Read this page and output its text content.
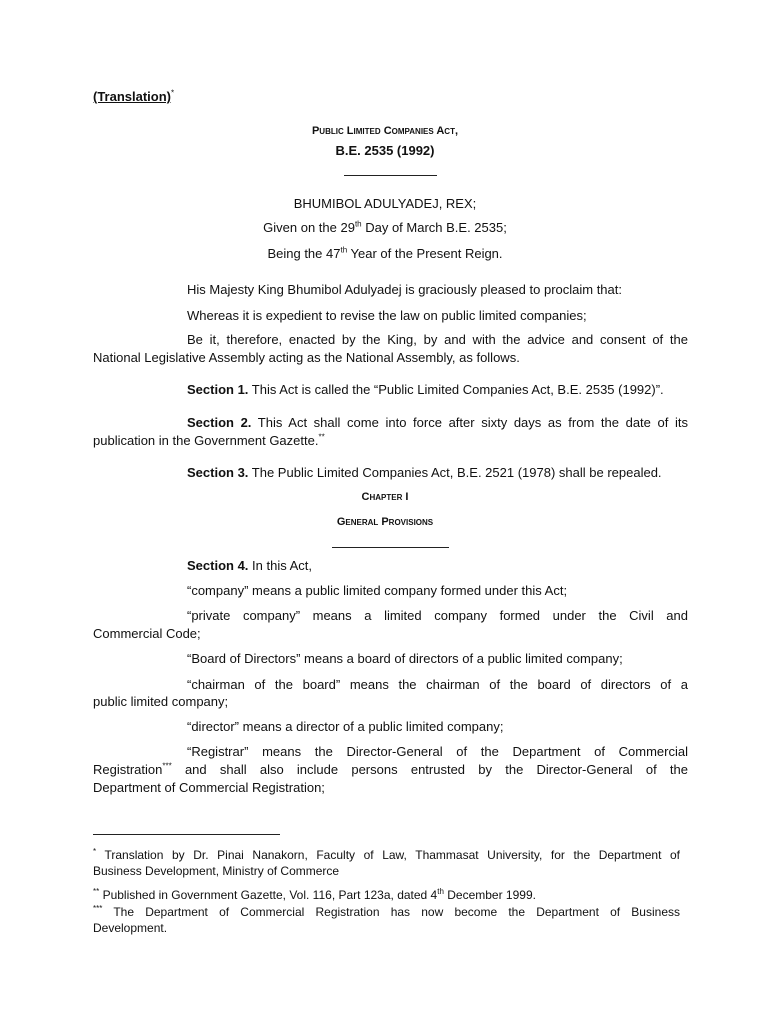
(Translation)*
Public Limited Companies Act,
B.E. 2535 (1992)
BHUMIBOL ADULYADEJ, REX;
Given on the 29th Day of March B.E. 2535;
Being the 47th Year of the Present Reign.
His Majesty King Bhumibol Adulyadej is graciously pleased to proclaim that:
Whereas it is expedient to revise the law on public limited companies;
Be it, therefore, enacted by the King, by and with the advice and consent of the
National Legislative Assembly acting as the National Assembly, as follows.
Section 1. This Act is called the “Public Limited Companies Act, B.E. 2535 (1992)”.
Section 2. This Act shall come into force after sixty days as from the date of its
publication in the Government Gazette.**
Section 3. The Public Limited Companies Act, B.E. 2521 (1978) shall be repealed.
Chapter I
General Provisions
Section 4. In this Act,
“company” means a public limited company formed under this Act;
“private company” means a limited company formed under the Civil and
Commercial Code;
“Board of Directors” means a board of directors of a public limited company;
“chairman of the board” means the chairman of the board of directors of a
public limited company;
“director” means a director of a public limited company;
“Registrar” means the Director-General of the Department of Commercial
Registration*** and shall also include persons entrusted by the Director-General of the
Department of Commercial Registration;
* Translation by Dr. Pinai Nanakorn, Faculty of Law, Thammasat University, for the Department of
Business Development, Ministry of Commerce
** Published in Government Gazette, Vol. 116, Part 123a, dated 4th December 1999.
*** The Department of Commercial Registration has now become the Department of Business
Development.
